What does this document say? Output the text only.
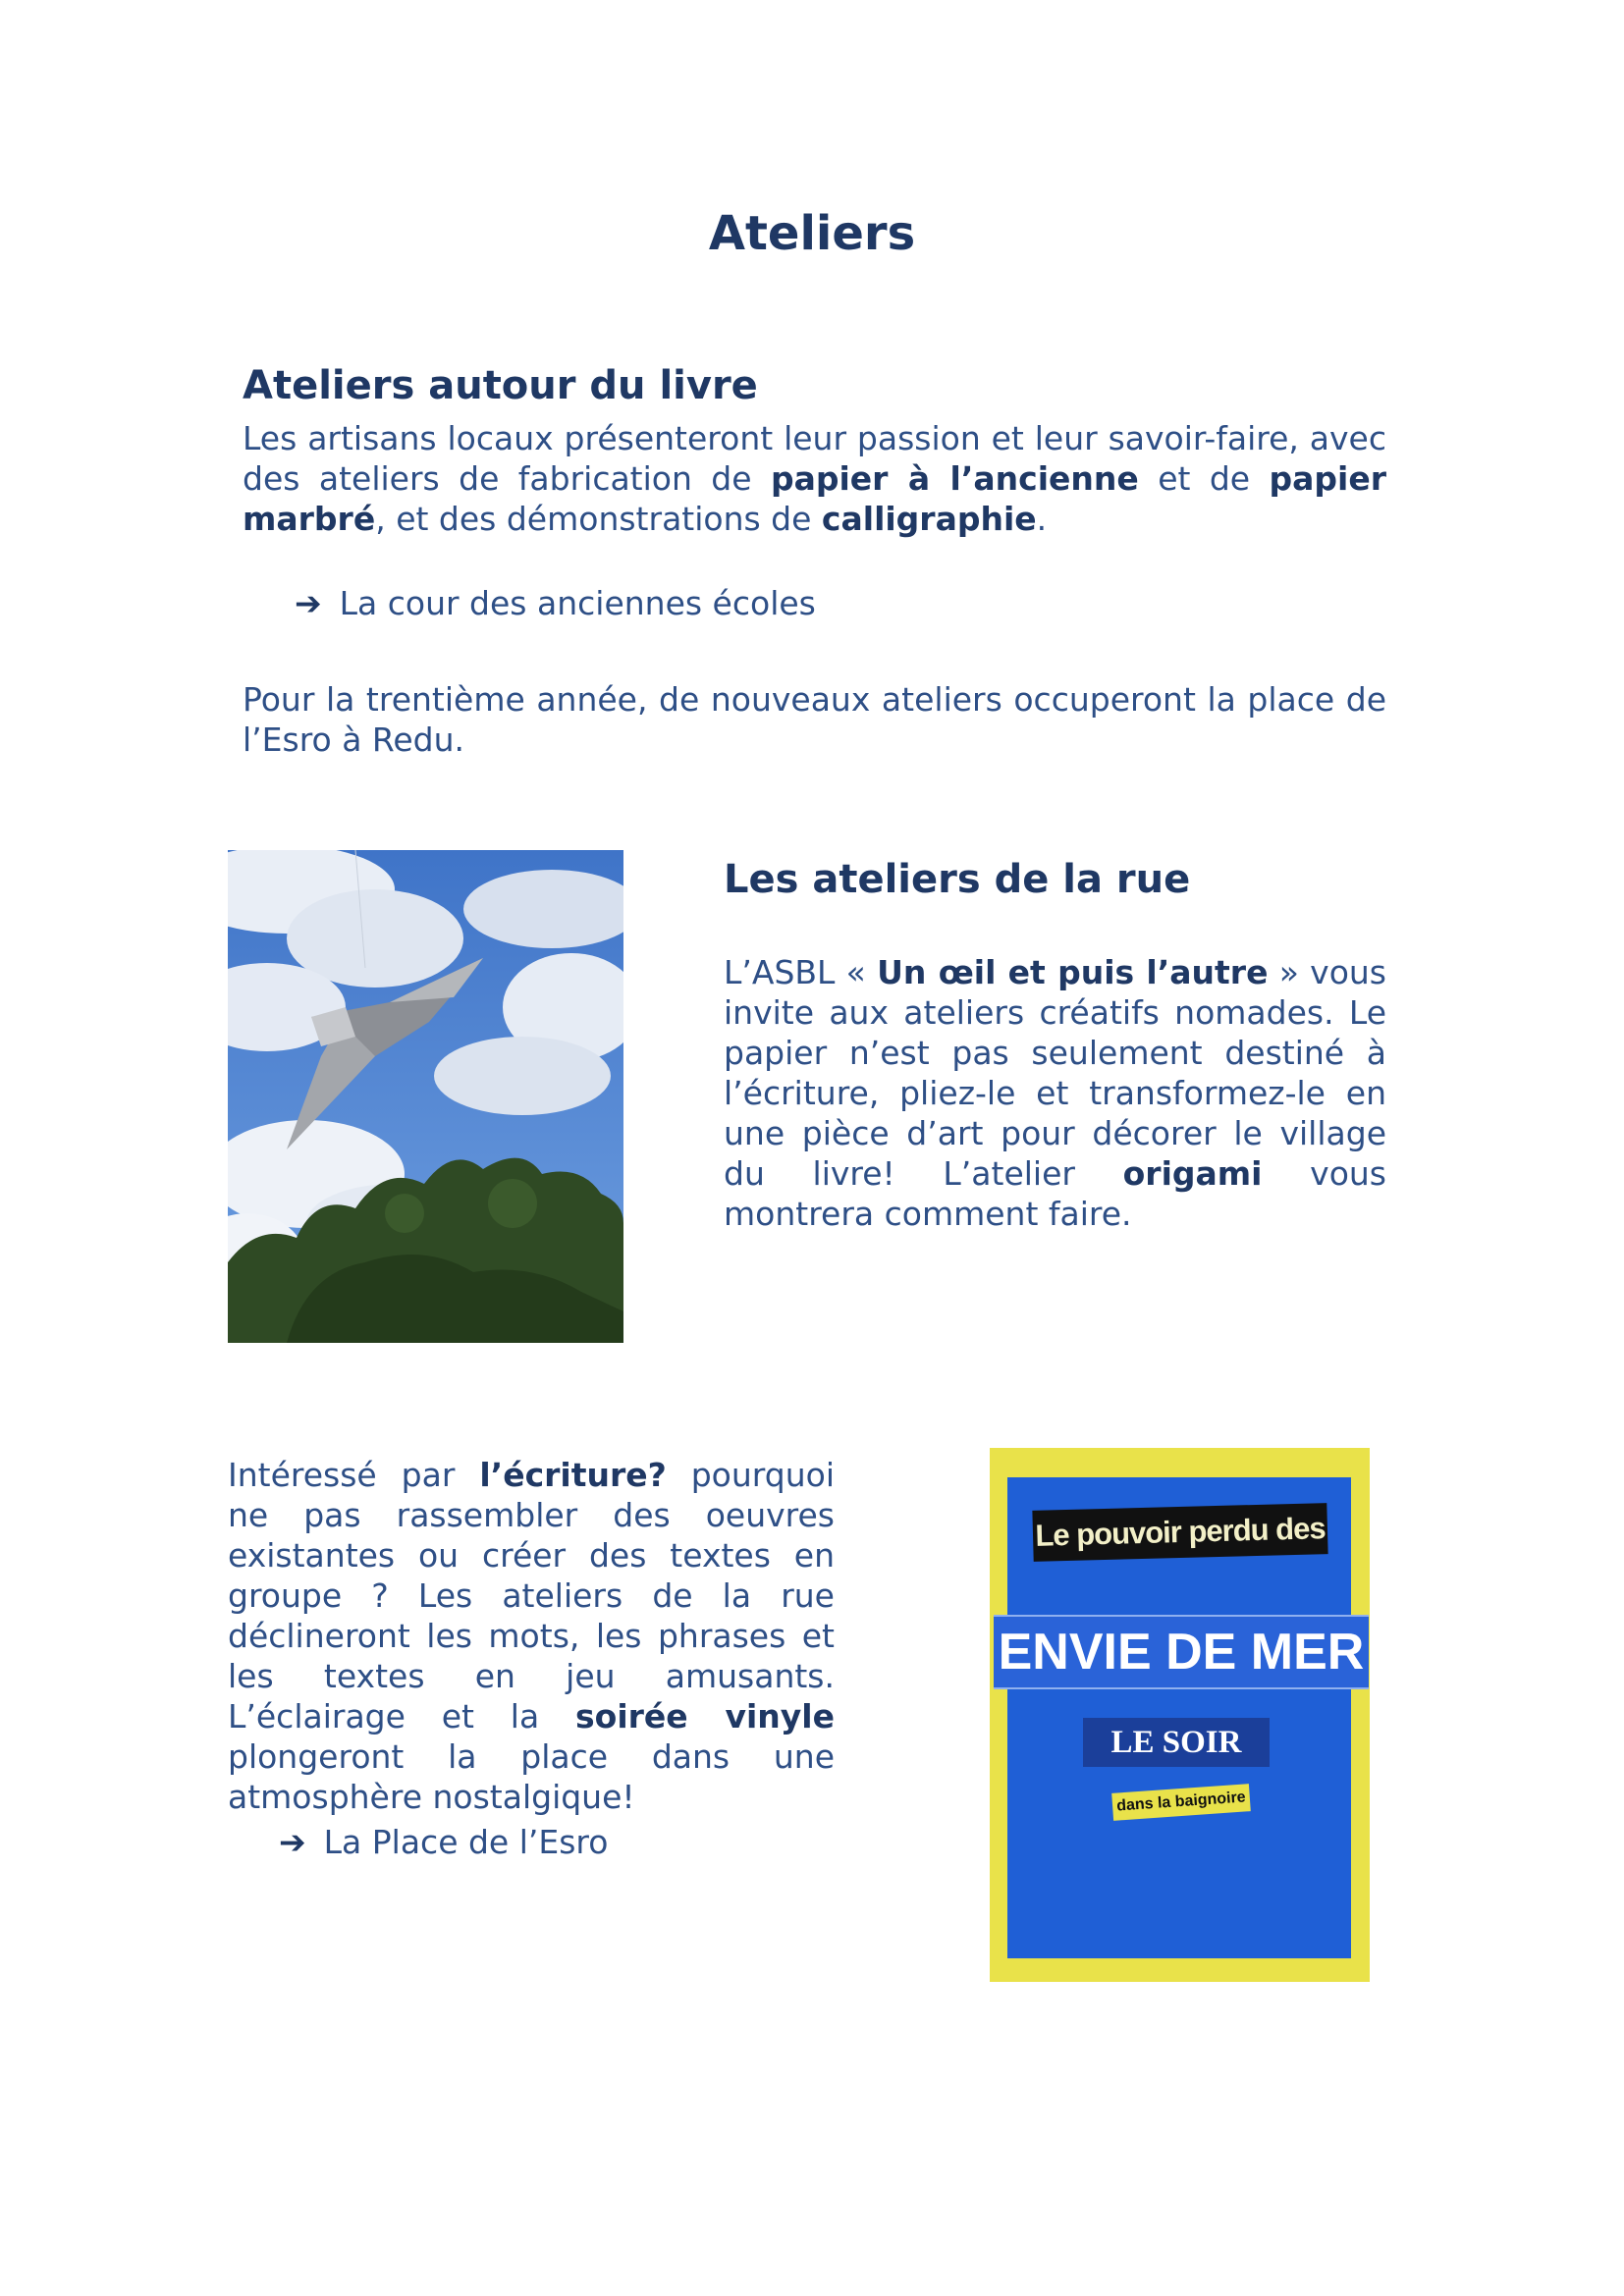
Ateliers
Ateliers autour du livre
Les artisans locaux présenteront leur passion et leur savoir-faire, avec des ateliers de fabrication de papier à l’ancienne et de papier marbré, et des démonstrations de calligraphie.
➔ La cour des anciennes écoles
Pour la trentième année, de nouveaux ateliers occuperont la place de l’Esro à Redu.
Les ateliers de la rue
L’ASBL « Un œil et puis l’autre » vous invite aux ateliers créatifs nomades. Le papier n’est pas seulement destiné à l’écriture, pliez-le et transformez-le en une pièce d’art pour décorer le village du livre! L’atelier origami vous montrera comment faire.
Intéressé par l’écriture? pourquoi ne pas rassembler des oeuvres existantes ou créer des textes en groupe ? Les ateliers de la rue déclineront les mots, les phrases et les textes en jeu amusants. L’éclairage et la soirée vinyle plongeront la place dans une atmosphère nostalgique!
➔ La Place de l’Esro
Le pouvoir perdu des
ENVIE DE MER
LE SOIR
dans la baignoire
